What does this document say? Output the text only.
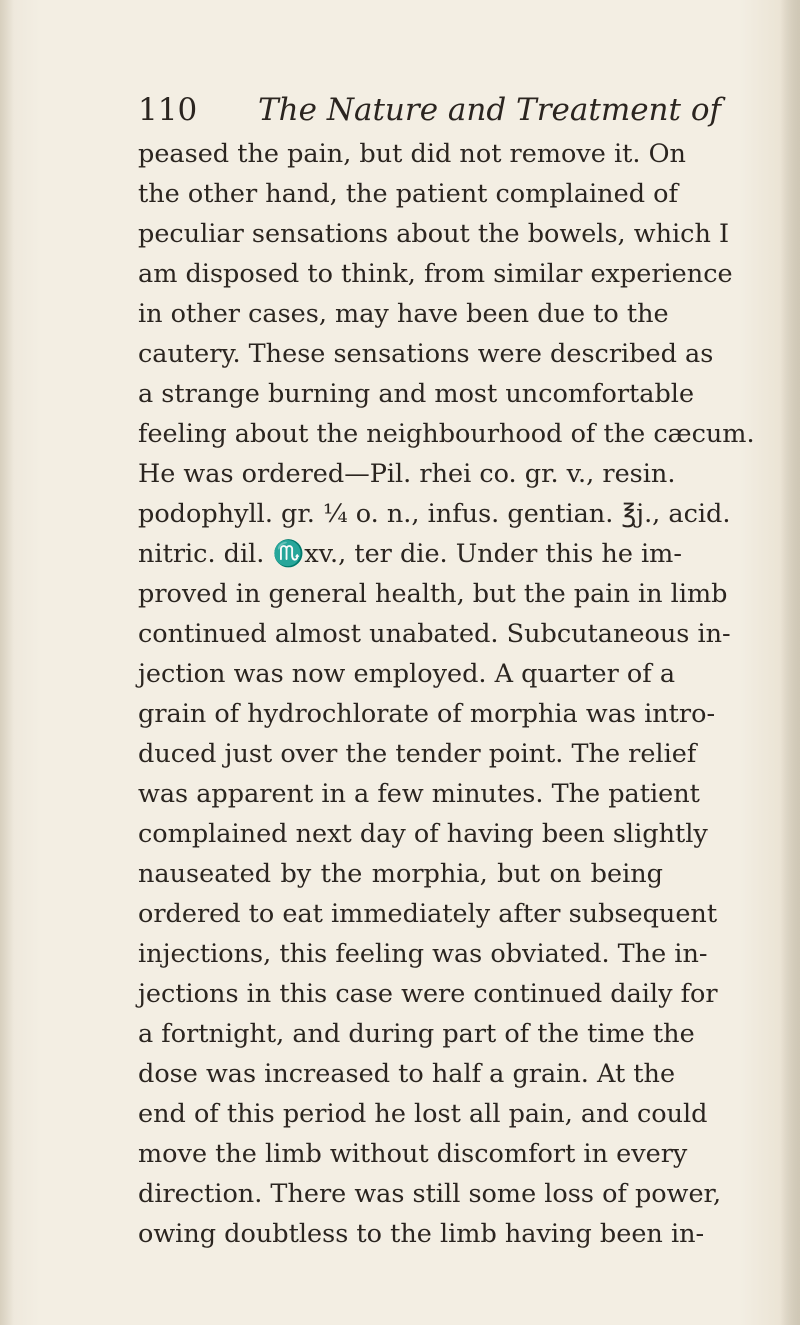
110 The Nature and Treatment of
peased the pain, but did not remove it. On
the other hand, the patient complained of
peculiar sensations about the bowels, which I
am disposed to think, from similar experience
in other cases, may have been due to the
cautery. These sensations were described as
a strange burning and most uncomfortable
feeling about the neighbourhood of the cæcum.
He was ordered—Pil. rhei co. gr. v., resin.
podophyll. gr. ¼ o. n., infus. gentian. ℥j., acid.
nitric. dil. ♏xv., ter die. Under this he im-
proved in general health, but the pain in limb
continued almost unabated. Subcutaneous in-
jection was now employed. A quarter of a
grain of hydrochlorate of morphia was intro-
duced just over the tender point. The relief
was apparent in a few minutes. The patient
complained next day of having been slightly
nauseated by the morphia, but on being
ordered to eat immediately after subsequent
injections, this feeling was obviated. The in-
jections in this case were continued daily for
a fortnight, and during part of the time the
dose was increased to half a grain. At the
end of this period he lost all pain, and could
move the limb without discomfort in every
direction. There was still some loss of power,
owing doubtless to the limb having been in-
